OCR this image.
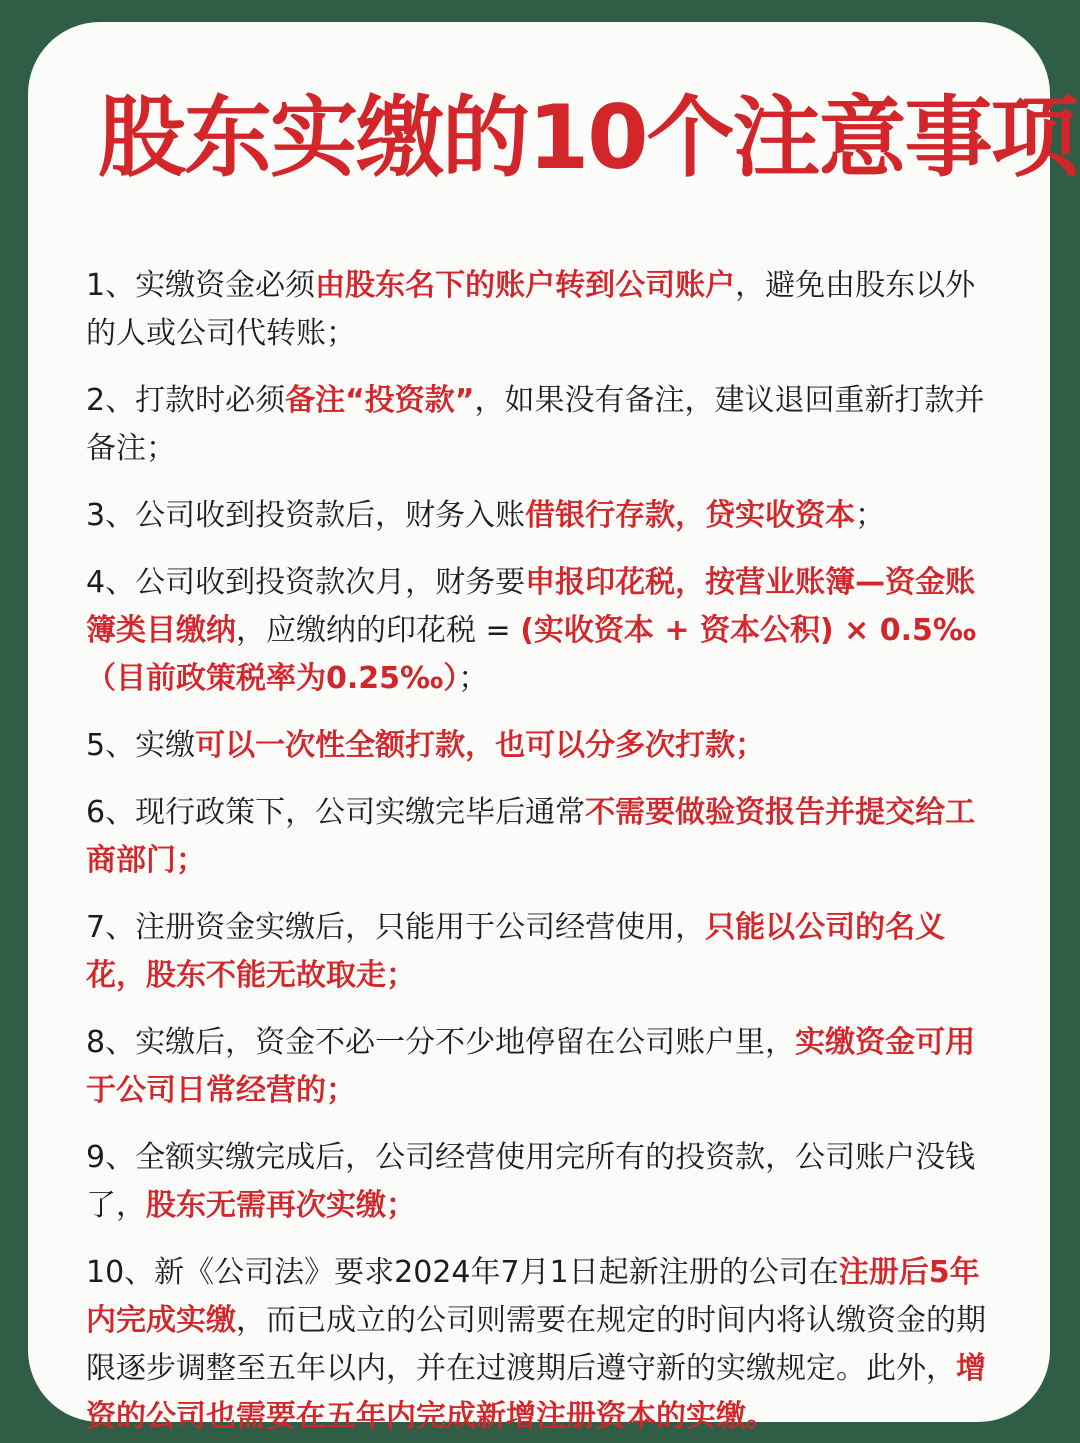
股东实缴的10个注意事项
1、实缴资金必须由股东名下的账户转到公司账户，避免由股东以外的人或公司代转账；
2、打款时必须备注“投资款”，如果没有备注，建议退回重新打款并备注；
3、公司收到投资款后，财务入账借银行存款，贷实收资本；
4、公司收到投资款次月，财务要申报印花税，按营业账簿—资金账簿类目缴纳，应缴纳的印花税 = (实收资本 + 资本公积) × 0.5‰（目前政策税率为0.25‰）；
5、实缴可以一次性全额打款，也可以分多次打款；
6、现行政策下，公司实缴完毕后通常不需要做验资报告并提交给工商部门；
7、注册资金实缴后，只能用于公司经营使用，只能以公司的名义花，股东不能无故取走；
8、实缴后，资金不必一分不少地停留在公司账户里，实缴资金可用于公司日常经营的；
9、全额实缴完成后，公司经营使用完所有的投资款，公司账户没钱了，股东无需再次实缴；
10、新《公司法》要求2024年7月1日起新注册的公司在注册后5年内完成实缴，而已成立的公司则需要在规定的时间内将认缴资金的期限逐步调整至五年以内，并在过渡期后遵守新的实缴规定。此外，增资的公司也需要在五年内完成新增注册资本的实缴。
